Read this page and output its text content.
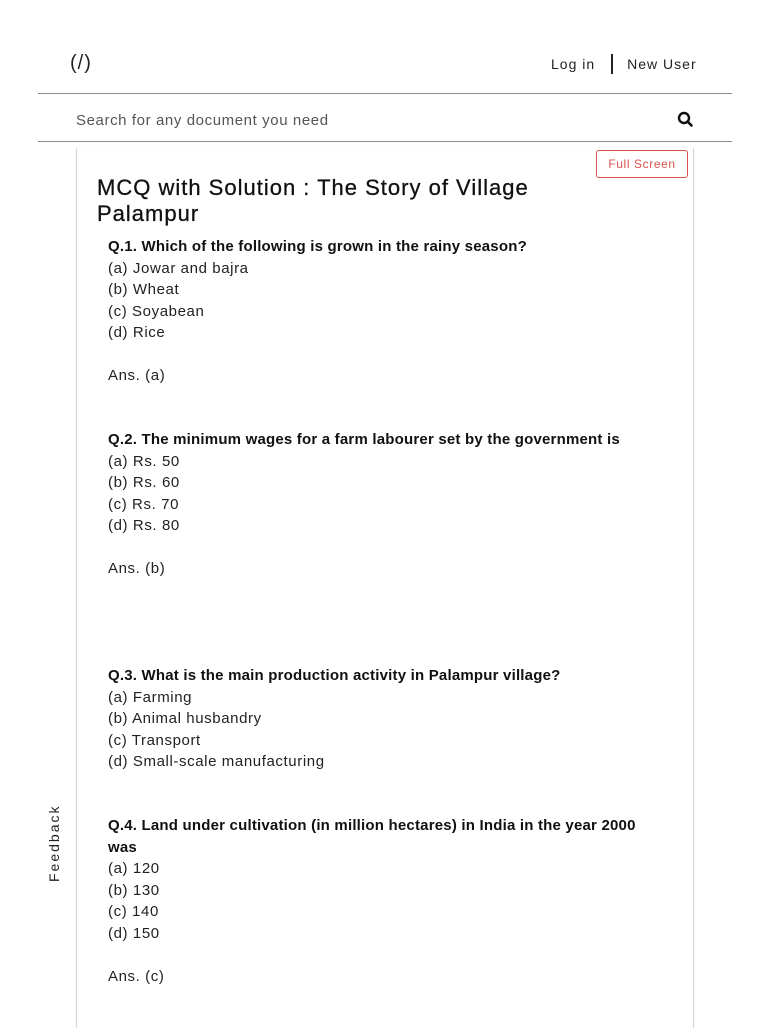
(/)	Log in New User
Search for any document you need
Full Screen
MCQ with Solution : The Story of Village Palampur
Q.1. Which of the following is grown in the rainy season?
(a) Jowar and bajra
(b) Wheat
(c) Soyabean
(d) Rice
Ans. (a)
Q.2. The minimum wages for a farm labourer set by the government is
(a) Rs. 50
(b) Rs. 60
(c) Rs. 70
(d) Rs. 80
Ans. (b)
Q.3. What is the main production activity in Palampur village?
(a) Farming
(b) Animal husbandry
(c) Transport
(d) Small-scale manufacturing
Q.4. Land under cultivation (in million hectares) in India in the year 2000 was
(a) 120
(b) 130
(c) 140
(d) 150
Ans. (c)
Feedback
